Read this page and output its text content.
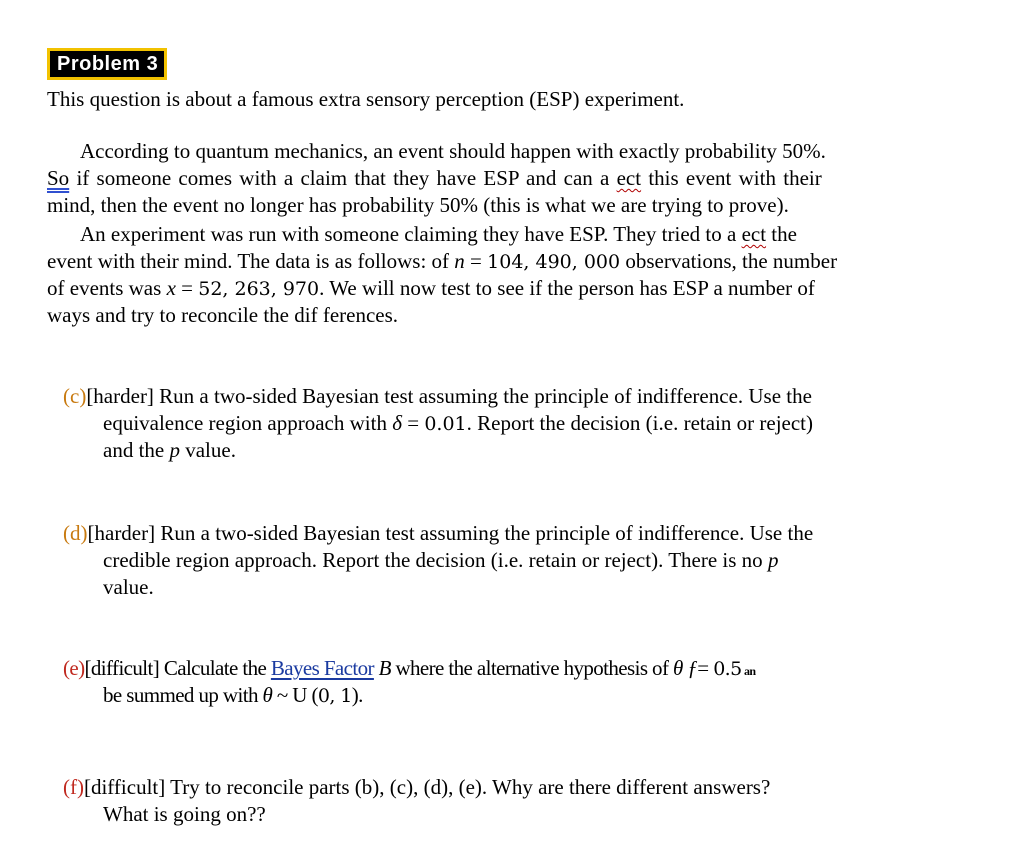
Problem 3
This question is about a famous extra sensory perception (ESP) experiment.
According to quantum mechanics, an event should happen with exactly probability 50%.
So if someone comes with a claim that they have ESP and can a ect this event with their
mind, then the event no longer has probability 50% (this is what we are trying to prove).
An experiment was run with someone claiming they have ESP. They tried to a ect the
event with their mind. The data is as follows: of n = 104, 490, 000 observations, the number
of events was x = 52, 263, 970. We will now test to see if the person has ESP a number of
ways and try to reconcile the dif ferences.
(c)[harder] Run a two-sided Bayesian test assuming the principle of indifference. Use the
equivalence region approach with δ = 0.01. Report the decision (i.e. retain or reject)
and the p value.
(d)[harder] Run a two-sided Bayesian test assuming the principle of indifference. Use the
credible region approach. Report the decision (i.e. retain or reject). There is no p
value.
(e)[difficult] Calculate the Bayes Factor B where the alternative hypothesis of θ ƒ= 0.5 an
be summed up with θ ~ U (0, 1).
(f)[difficult] Try to reconcile parts (b), (c), (d), (e). Why are there different answers?
What is going on??
